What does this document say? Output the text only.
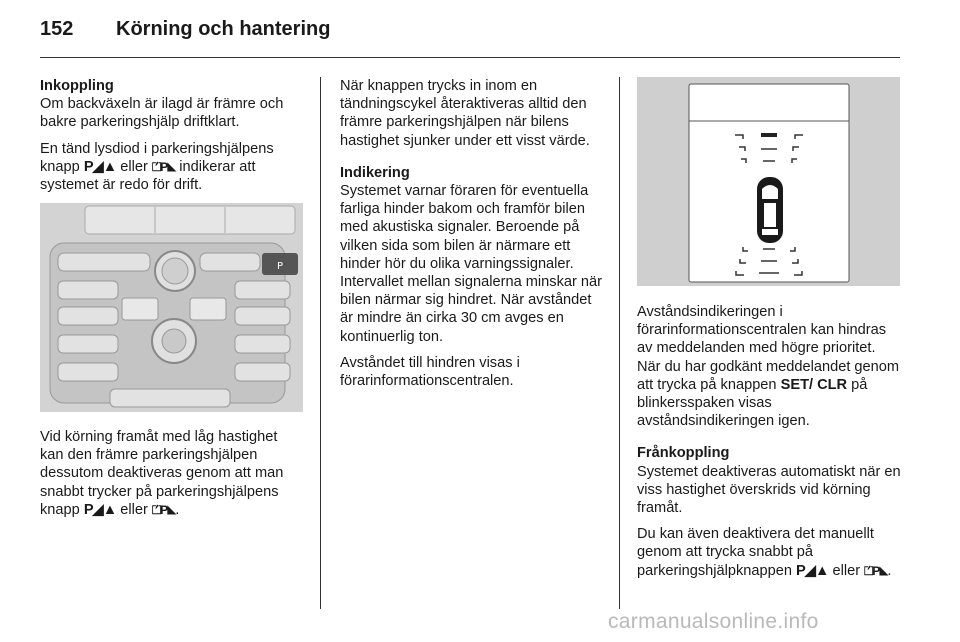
152 Körning och hantering
Inkoppling

Om backväxeln är ilagd är främre och bakre parkeringshjälp driftklart.

En tänd lysdiod i parkeringshjälpens knapp P◢▲ eller ⏍P◣ indikerar att systemet är redo för drift.

P
Vid körning framåt med låg hastighet kan den främre parkeringshjälpen dessutom deaktiveras genom att man snabbt trycker på parkeringshjälpens knapp P◢▲ eller ⏍P◣.

När knappen trycks in inom en tändningscykel återaktiveras alltid den främre parkeringshjälpen när bilens hastighet sjunker under ett visst värde.

Indikering

Systemet varnar föraren för eventuella farliga hinder bakom och framför bilen med akustiska signaler. Beroende på vilken sida som bilen är närmare ett hinder hör du olika varningssignaler. Intervallet mellan signalerna minskar när bilen närmar sig hindret. När avståndet är mindre än cirka 30 cm avges en kontinuerlig ton.

Avståndet till hindren visas i förarinformationscentralen.

Avståndsindikeringen i förarinformationscentralen kan hindras av meddelanden med högre prioritet. När du har godkänt meddelandet genom att trycka på knappen SET/ CLR på blinkersspaken visas avståndsindikeringen igen.

Frånkoppling

Systemet deaktiveras automatiskt när en viss hastighet överskrids vid körning framåt.

Du kan även deaktivera det manuellt genom att trycka snabbt på parkeringshjälpknappen P◢▲ eller ⏍P◣.

carmanualsonline.info
